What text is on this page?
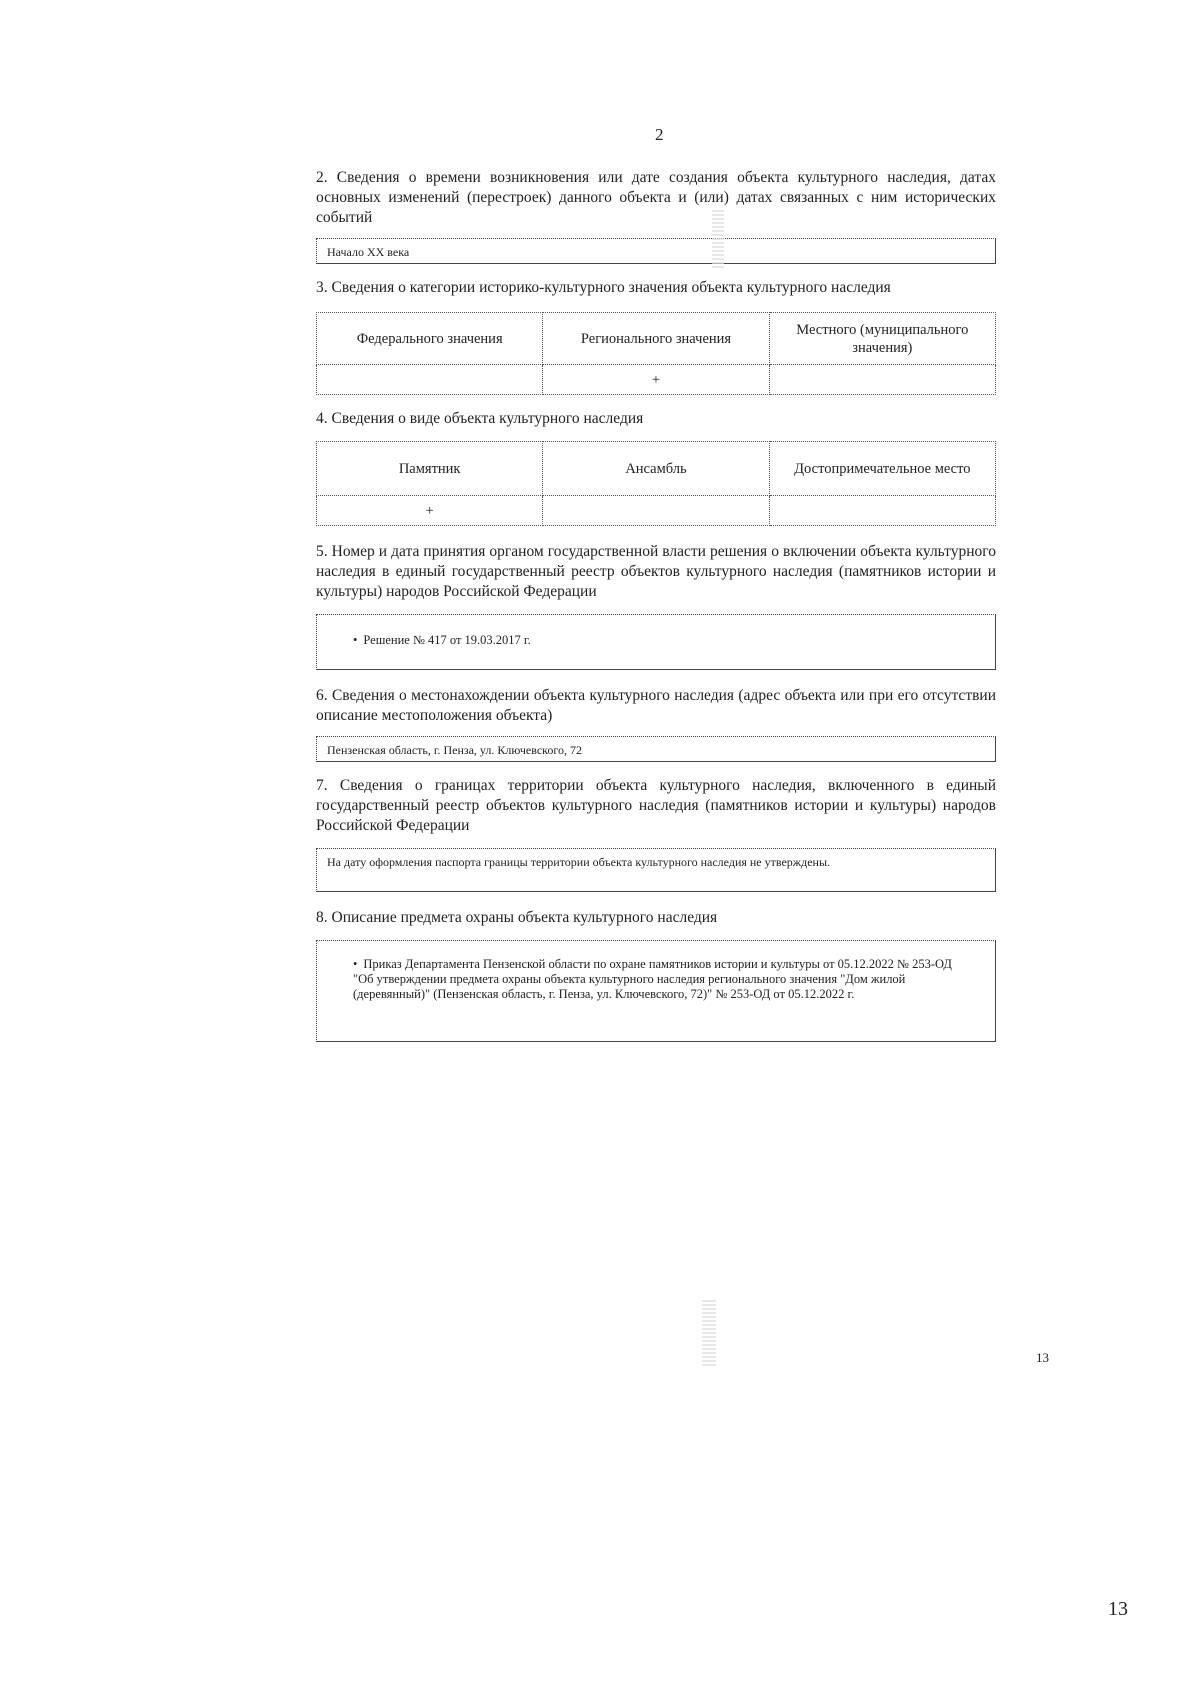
2

2. Сведения о времени возникновения или дате создания объекта культурного наследия, датах основных изменений (перестроек) данного объекта и (или) датах связанных с ним исторических событий

Начало XX века

3. Сведения о категории историко-культурного значения объекта культурного наследия

Федерального значения	Регионального значения	Местного (муниципального значения)
	+	

4. Сведения о виде объекта культурного наследия

Памятник	Ансамбль	Достопримечательное место
+		

5. Номер и дата принятия органом государственной власти решения о включении объекта культурного наследия в единый государственный реестр объектов культурного наследия (памятников истории и культуры) народов Российской Федерации

• Решение № 417 от 19.03.2017 г.

6. Сведения о местонахождении объекта культурного наследия (адрес объекта или при его отсутствии описание местоположения объекта)

Пензенская область, г. Пенза, ул. Ключевского, 72

7. Сведения о границах территории объекта культурного наследия, включенного в единый государственный реестр объектов культурного наследия (памятников истории и культуры) народов Российской Федерации

На дату оформления паспорта границы территории объекта культурного наследия не утверждены.

8. Описание предмета охраны объекта культурного наследия

• Приказ Департамента Пензенской области по охране памятников истории и культуры от 05.12.2022 № 253-ОД "Об утверждении предмета охраны объекта культурного наследия регионального значения "Дом жилой (деревянный)" (Пензенская область, г. Пенза, ул. Ключевского, 72)" № 253-ОД от 05.12.2022 г.
13
13
